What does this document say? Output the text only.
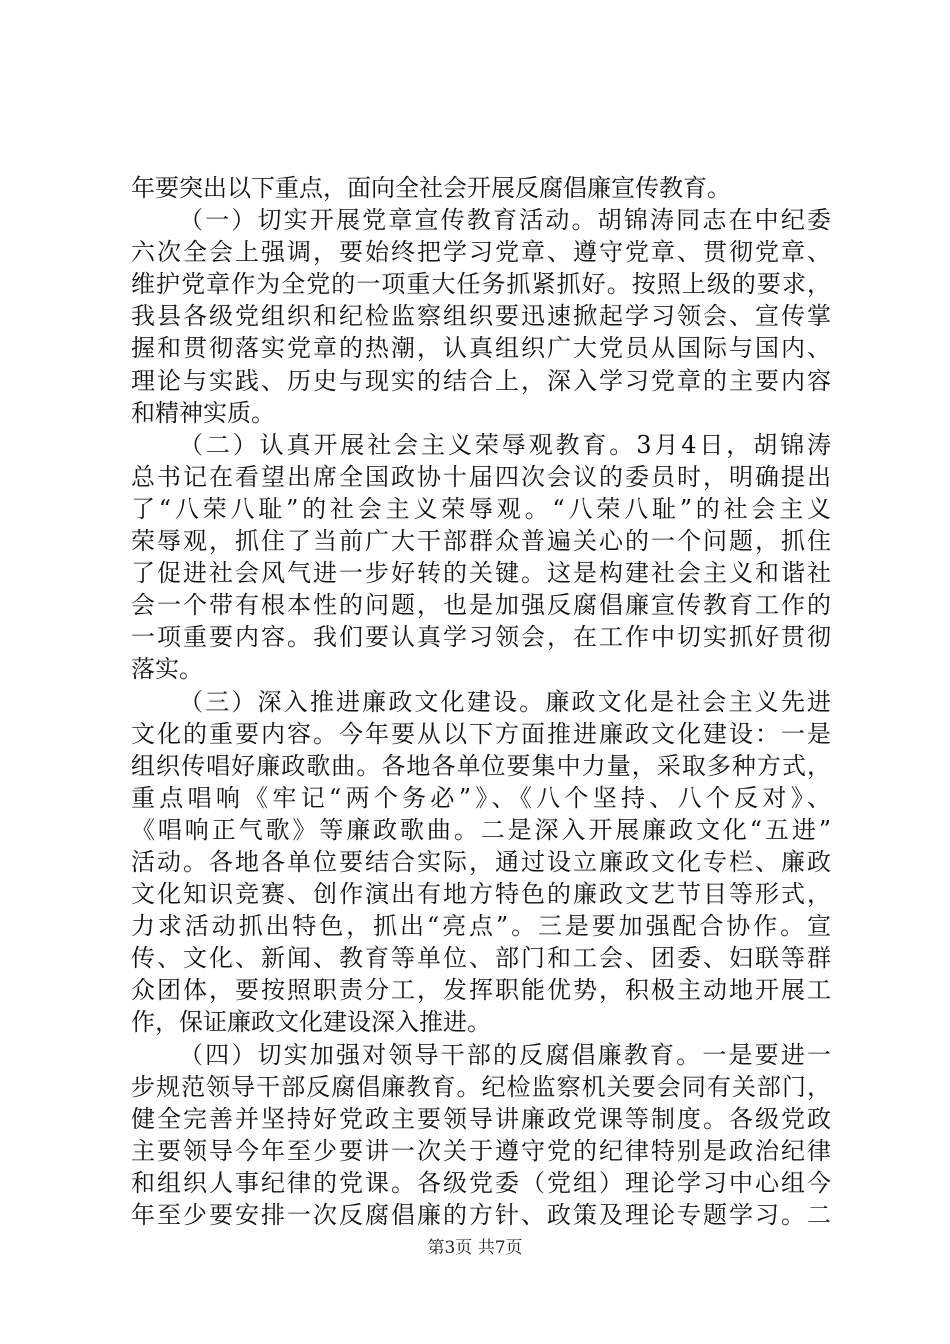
年要突出以下重点，面向全社会开展反腐倡廉宣传教育。
（一）切实开展党章宣传教育活动。胡锦涛同志在中纪委
六次全会上强调，要始终把学习党章、遵守党章、贯彻党章、
维护党章作为全党的一项重大任务抓紧抓好。按照上级的要求，
我县各级党组织和纪检监察组织要迅速掀起学习领会、宣传掌
握和贯彻落实党章的热潮，认真组织广大党员从国际与国内、
理论与实践、历史与现实的结合上，深入学习党章的主要内容
和精神实质。
（二）认真开展社会主义荣辱观教育。3月4日，胡锦涛
总书记在看望出席全国政协十届四次会议的委员时，明确提出
了“八荣八耻”的社会主义荣辱观。“八荣八耻”的社会主义
荣辱观，抓住了当前广大干部群众普遍关心的一个问题，抓住
了促进社会风气进一步好转的关键。这是构建社会主义和谐社
会一个带有根本性的问题，也是加强反腐倡廉宣传教育工作的
一项重要内容。我们要认真学习领会，在工作中切实抓好贯彻
落实。
（三）深入推进廉政文化建设。廉政文化是社会主义先进
文化的重要内容。今年要从以下方面推进廉政文化建设：一是
组织传唱好廉政歌曲。各地各单位要集中力量，采取多种方式，
重点唱响《牢记“两个务必”》、《八个坚持、八个反对》、
《唱响正气歌》等廉政歌曲。二是深入开展廉政文化“五进”
活动。各地各单位要结合实际，通过设立廉政文化专栏、廉政
文化知识竞赛、创作演出有地方特色的廉政文艺节目等形式，
力求活动抓出特色，抓出“亮点”。三是要加强配合协作。宣
传、文化、新闻、教育等单位、部门和工会、团委、妇联等群
众团体，要按照职责分工，发挥职能优势，积极主动地开展工
作，保证廉政文化建设深入推进。
（四）切实加强对领导干部的反腐倡廉教育。一是要进一
步规范领导干部反腐倡廉教育。纪检监察机关要会同有关部门，
健全完善并坚持好党政主要领导讲廉政党课等制度。各级党政
主要领导今年至少要讲一次关于遵守党的纪律特别是政治纪律
和组织人事纪律的党课。各级党委（党组）理论学习中心组今
年至少要安排一次反腐倡廉的方针、政策及理论专题学习。二
第3页 共7页
